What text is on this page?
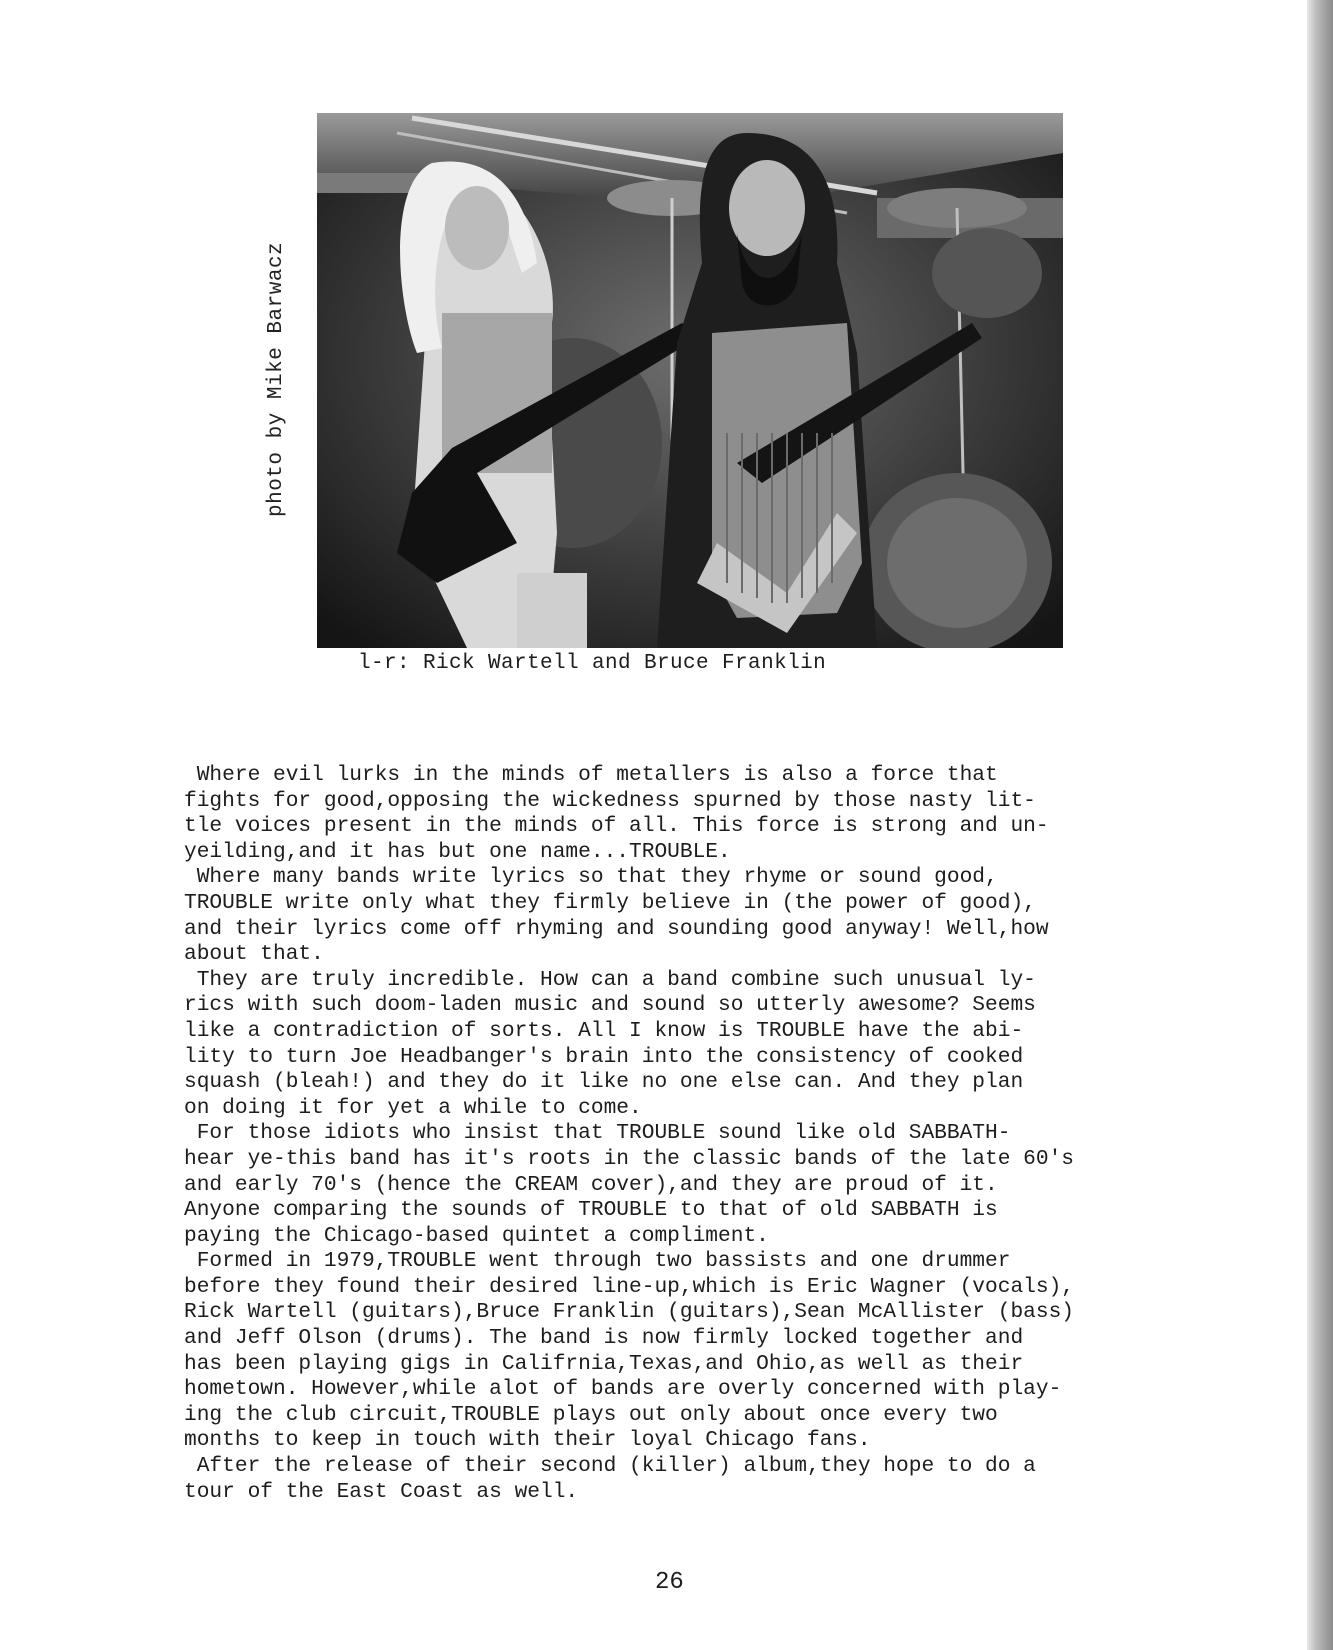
photo by Mike Barwacz
l-r: Rick Wartell and Bruce Franklin

Where evil lurks in the minds of metallers is also a force that

fights for good,opposing the wickedness spurned by those nasty lit-

tle voices present in the minds of all. This force is strong and un-

yeilding,and it has but one name...TROUBLE.

Where many bands write lyrics so that they rhyme or sound good,

TROUBLE write only what they firmly believe in (the power of good),

and their lyrics come off rhyming and sounding good anyway! Well,how

about that.

They are truly incredible. How can a band combine such unusual ly-

rics with such doom-laden music and sound so utterly awesome? Seems

like a contradiction of sorts. All I know is TROUBLE have the abi-

lity to turn Joe Headbanger's brain into the consistency of cooked

squash (bleah!) and they do it like no one else can. And they plan

on doing it for yet a while to come.

For those idiots who insist that TROUBLE sound like old SABBATH-

hear ye-this band has it's roots in the classic bands of the late 60's

and early 70's (hence the CREAM cover),and they are proud of it.

Anyone comparing the sounds of TROUBLE to that of old SABBATH is

paying the Chicago-based quintet a compliment.

Formed in 1979,TROUBLE went through two bassists and one drummer

before they found their desired line-up,which is Eric Wagner (vocals),

Rick Wartell (guitars),Bruce Franklin (guitars),Sean McAllister (bass)

and Jeff Olson (drums). The band is now firmly locked together and

has been playing gigs in Califrnia,Texas,and Ohio,as well as their

hometown. However,while alot of bands are overly concerned with play-

ing the club circuit,TROUBLE plays out only about once every two

months to keep in touch with their loyal Chicago fans.

After the release of their second (killer) album,they hope to do a

tour of the East Coast as well.

26
